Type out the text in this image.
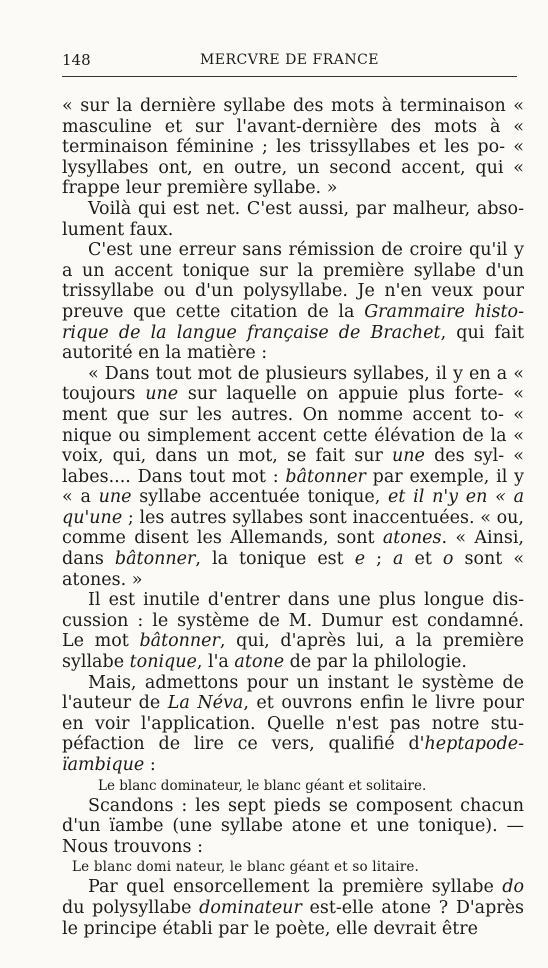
148	MERCVRE DE FRANCE

« sur la dernière syllabe des mots à terminaison « masculine et sur l'avant-dernière des mots à « terminaison féminine ; les trissyllabes et les po- « lysyllabes ont, en outre, un second accent, qui « frappe leur première syllabe. »

Voilà qui est net. C'est aussi, par malheur, abso- lument faux.

C'est une erreur sans rémission de croire qu'il y a un accent tonique sur la première syllabe d'un trissyllabe ou d'un polysyllabe. Je n'en veux pour preuve que cette citation de la Grammaire histo- rique de la langue française de Brachet, qui fait autorité en la matière :

« Dans tout mot de plusieurs syllabes, il y en a « toujours une sur laquelle on appuie plus forte- « ment que sur les autres. On nomme accent to- « nique ou simplement accent cette élévation de la « voix, qui, dans un mot, se fait sur une des syl- « labes.... Dans tout mot : bâtonner par exemple, il y « a une syllabe accentuée tonique, et il n'y en « a qu'une ; les autres syllabes sont inaccentuées. « ou, comme disent les Allemands, sont atones. « Ainsi, dans bâtonner, la tonique est e ; a et o sont « atones. »

Il est inutile d'entrer dans une plus longue dis- cussion : le système de M. Dumur est condamné. Le mot bâtonner, qui, d'après lui, a la première syllabe tonique, l'a atone de par la philologie.

Mais, admettons pour un instant le système de l'auteur de La Néva, et ouvrons enfin le livre pour en voir l'application. Quelle n'est pas notre stu- péfaction de lire ce vers, qualifié d'heptapode- ïambique :

Le blanc dominateur, le blanc géant et solitaire.

Scandons : les sept pieds se composent chacun d'un ïambe (une syllabe atone et une tonique). — Nous trouvons :

Le blanc domi nateur, le blanc géant et so litaire.

Par quel ensorcellement la première syllabe do du polysyllabe dominateur est-elle atone ? D'après le principe établi par le poète, elle devrait être
